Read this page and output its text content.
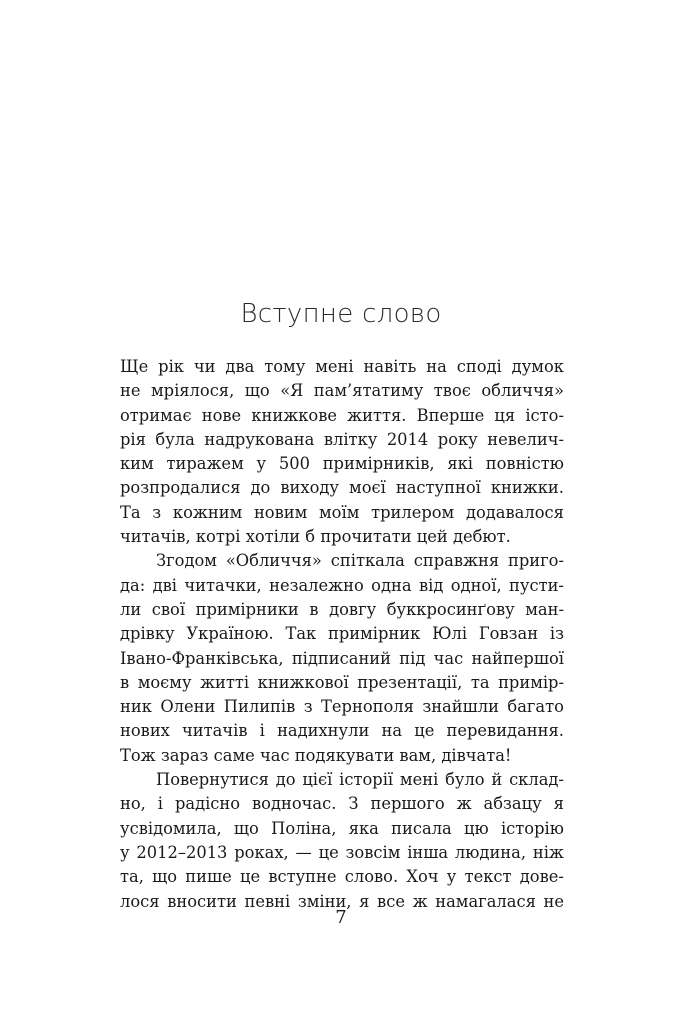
Вступне слово
Ще рік чи два тому мені навіть на споді думок
не мріялося, що «Я пам’ятатиму твоє обличчя»
отримає нове книжкове життя. Вперше ця істо-
рія була надрукована влітку 2014 року невелич-
ким тиражем у 500 примірників, які повністю
розпродалися до виходу моєї наступної книжки.
Та з кожним новим моїм трилером додавалося
читачів, котрі хотіли б прочитати цей дебют.
Згодом «Обличчя» спіткала справжня приго-
да: дві читачки, незалежно одна від одної, пусти-
ли свої примірники в довгу буккросинґову ман-
дрівку Україною. Так примірник Юлі Говзан із
Івано-Франківська, підписаний під час найпершої
в моєму житті книжкової презентації, та примір-
ник Олени Пилипів з Тернополя знайшли багато
нових читачів і надихнули на це перевидання.
Тож зараз саме час подякувати вам, дівчата!
Повернутися до цієї історії мені було й склад-
но, і радісно водночас. З першого ж абзацу я
усвідомила, що Поліна, яка писала цю історію
у 2012–2013 роках, — це зовсім інша людина, ніж
та, що пише це вступне слово. Хоч у текст дове-
лося вносити певні зміни, я все ж намагалася не
7
